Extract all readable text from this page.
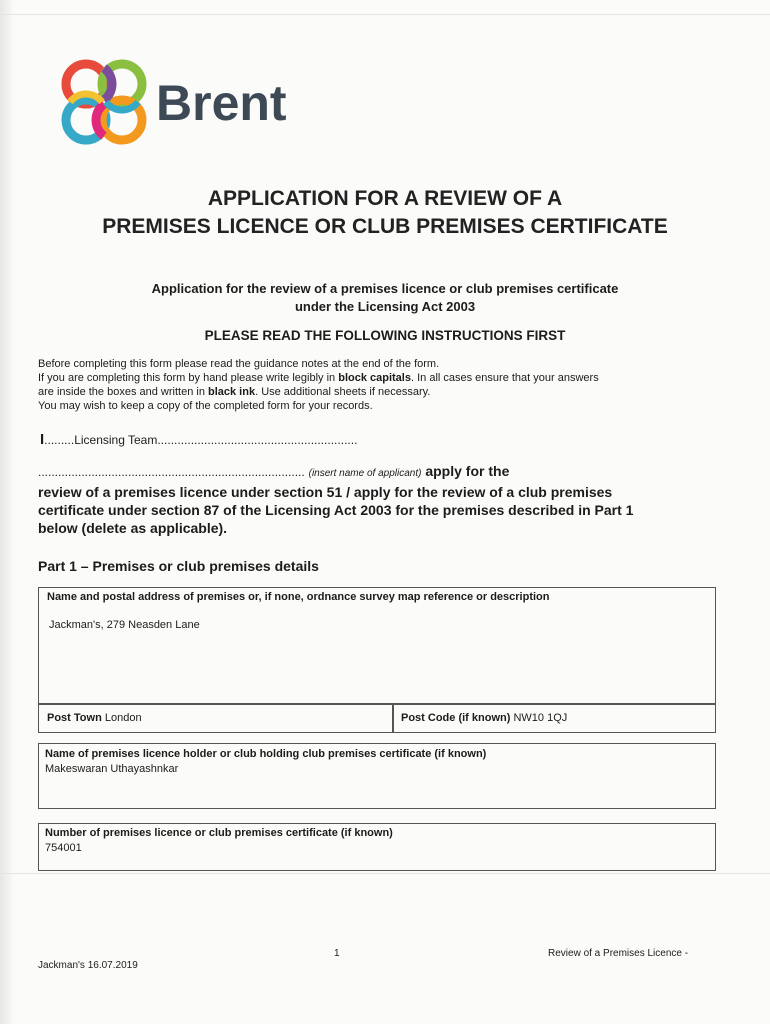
Brent
APPLICATION FOR A REVIEW OF A
PREMISES LICENCE OR CLUB PREMISES CERTIFICATE
Application for the review of a premises licence or club premises certificate
under the Licensing Act 2003
PLEASE READ THE FOLLOWING INSTRUCTIONS FIRST
Before completing this form please read the guidance notes at the end of the form.
If you are completing this form by hand please write legibly in block capitals. In all cases ensure that your answers
are inside the boxes and written in black ink. Use additional sheets if necessary.
You may wish to keep a copy of the completed form for your records.
I.........Licensing Team............................................................
................................................................................ (insert name of applicant) apply for the
review of a premises licence under section 51 / apply for the review of a club premises
certificate under section 87 of the Licensing Act 2003 for the premises described in Part 1
below (delete as applicable).
Part 1 – Premises or club premises details
Name and postal address of premises or, if none, ordnance survey map reference or description
Jackman's, 279 Neasden Lane
Post Town London	Post Code (if known) NW10 1QJ
Name of premises licence holder or club holding club premises certificate (if known)
Makeswaran Uthayashnkar
Number of premises licence or club premises certificate (if known)
754001
1	Review of a Premises Licence -
Jackman's 16.07.2019
